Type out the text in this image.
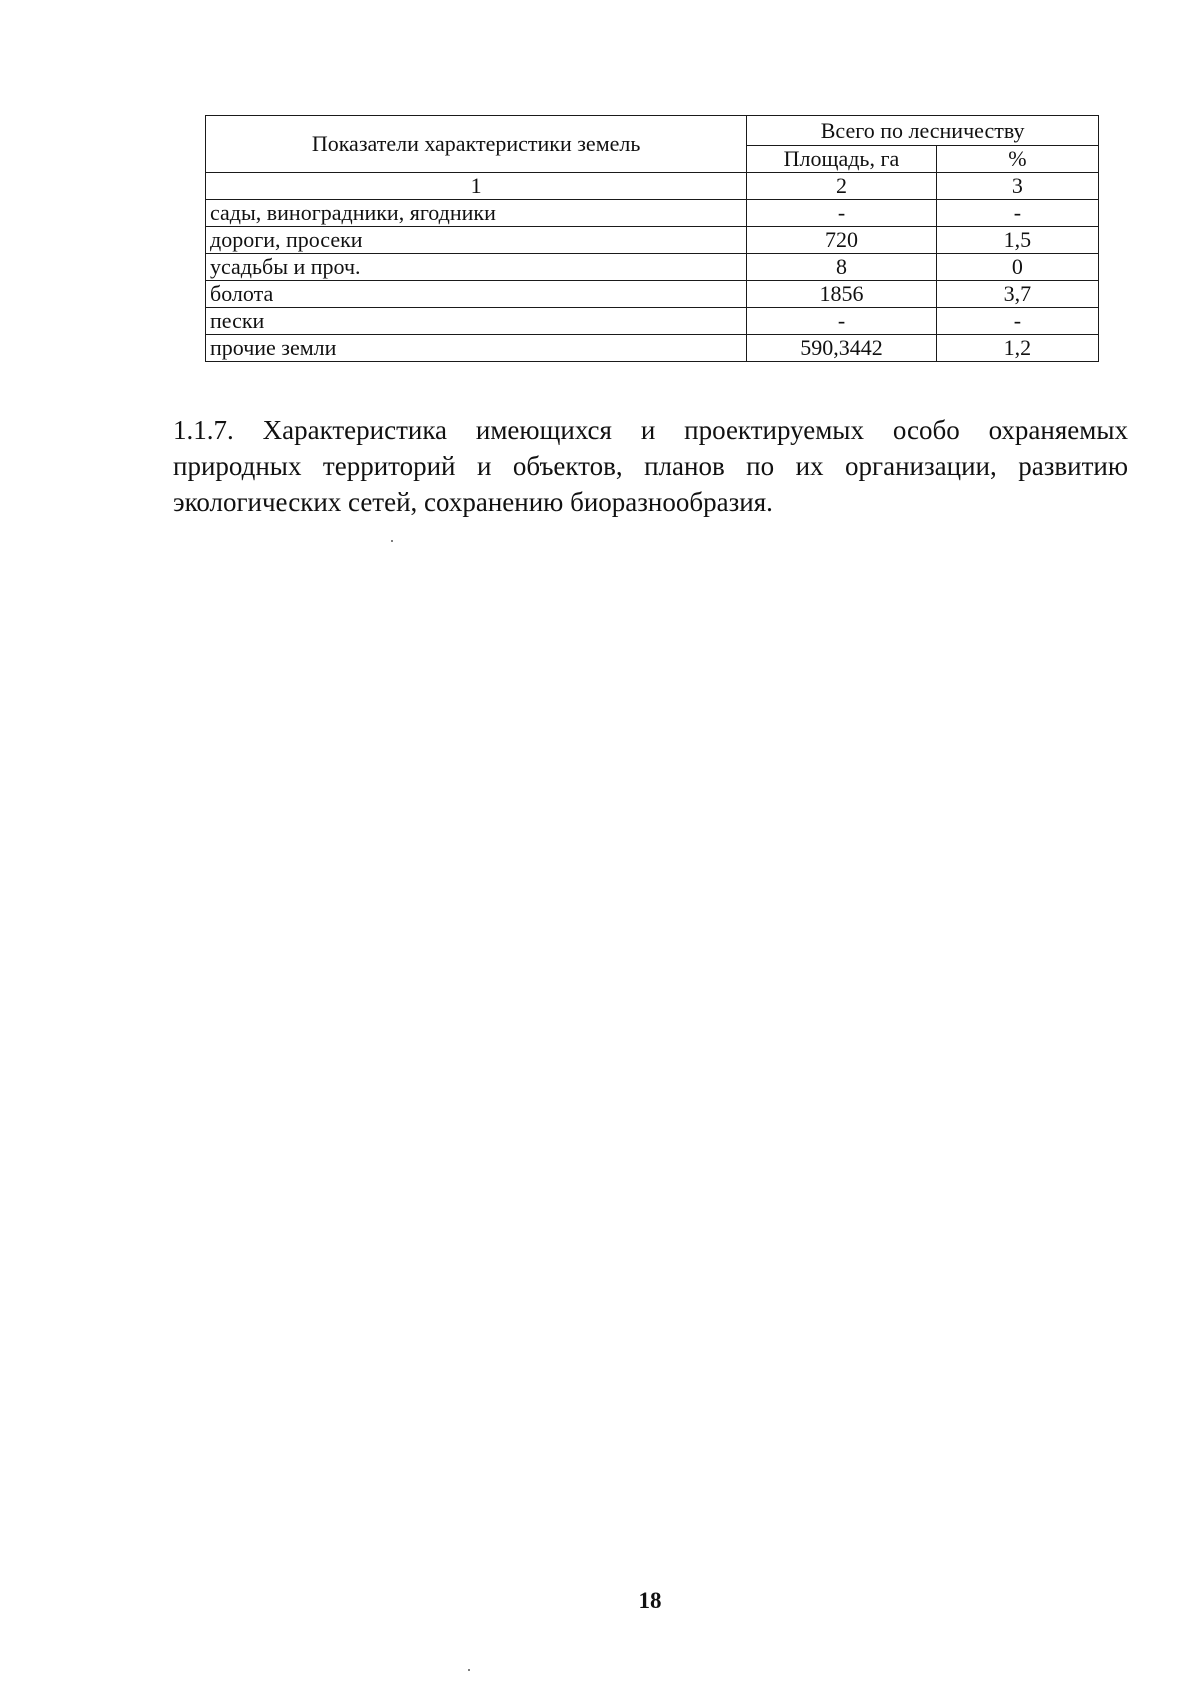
Показатели характеристики земель	Всего по лесничеству	
	Площадь, га	%
1	2	3
сады, виноградники, ягодники	-	-
дороги, просеки	720	1,5
усадьбы и проч.	8	0
болота	1856	3,7
пески	-	-
прочие земли	590,3442	1,2

1.1.7. Характеристика имеющихся и проектируемых особо охраняемых природных территорий и объектов, планов по их организации, развитию экологических сетей, сохранению биоразнообразия.

18
